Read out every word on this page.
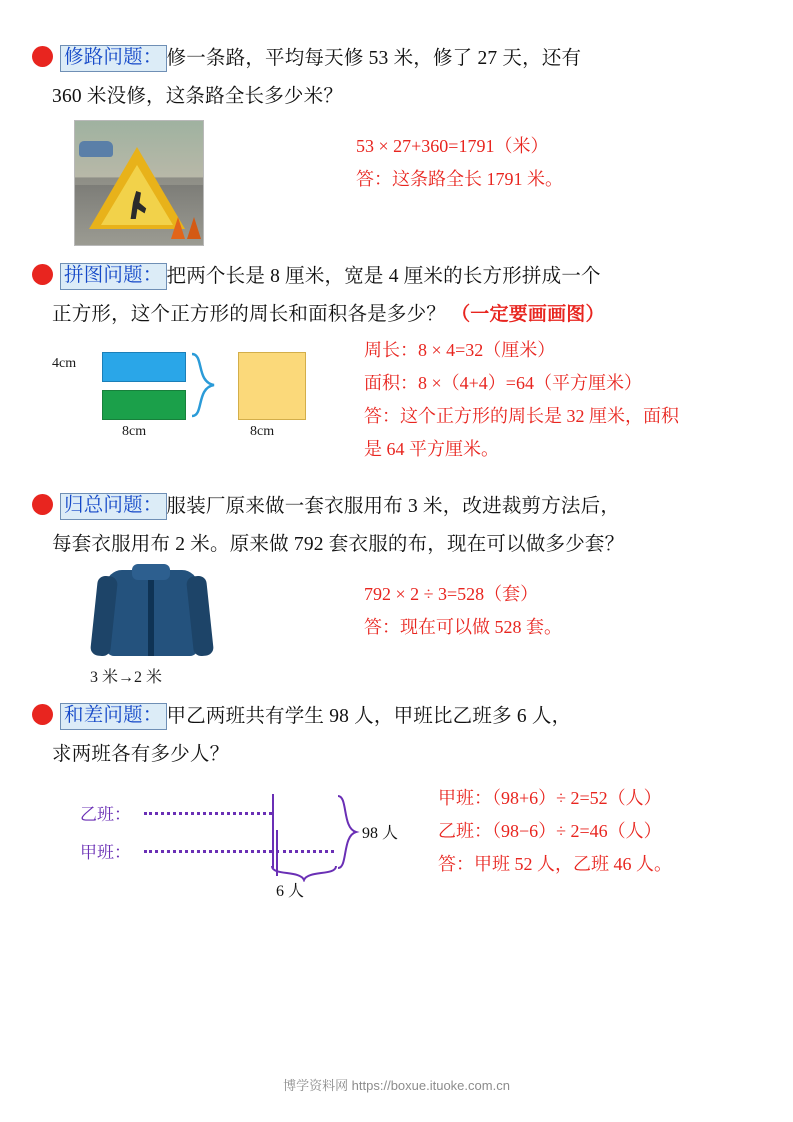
修路问题： 修一条路，平均每天修 53 米，修了 27 天，还有
360 米没修，这条路全长多少米？
53 × 27+360=1791（米）
答：这条路全长 1791 米。
拼图问题： 把两个长是 8 厘米，宽是 4 厘米的长方形拼成一个
正方形，这个正方形的周长和面积各是多少？ （一定要画画图）
4cm
8cm	8cm
周长：8 × 4=32（厘米）
面积：8 ×（4+4）=64（平方厘米）
答：这个正方形的周长是 32 厘米，面积
是 64 平方厘米。
归总问题： 服装厂原来做一套衣服用布 3 米，改进裁剪方法后，
每套衣服用布 2 米。原来做 792 套衣服的布，现在可以做多少套？
3 米→2 米
792 × 2 ÷ 3=528（套）
答：现在可以做 528 套。
和差问题： 甲乙两班共有学生 98 人，甲班比乙班多 6 人，
求两班各有多少人？
乙班：
甲班：
98 人
6 人
甲班：（98+6）÷ 2=52（人）
乙班：（98−6）÷ 2=46（人）
答：甲班 52 人，乙班 46 人。
博学资料网 https://boxue.ituoke.com.cn
